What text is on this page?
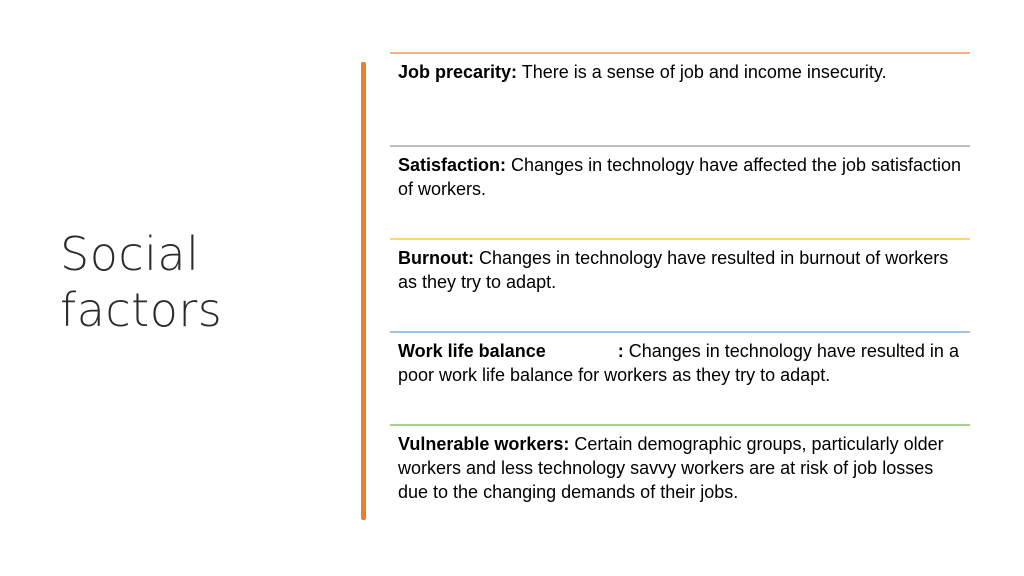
Social
factors
Job precarity: There is a sense of job and income insecurity.
Satisfaction: Changes in technology have affected the job satisfaction of workers.
Burnout: Changes in technology have resulted in burnout of workers as they try to adapt.
Work life balance	: Changes in technology have resulted in a poor work life balance for workers as they try to adapt.
Vulnerable workers: Certain demographic groups, particularly older workers and less technology savvy workers are at risk of job losses due to the changing demands of their jobs.
